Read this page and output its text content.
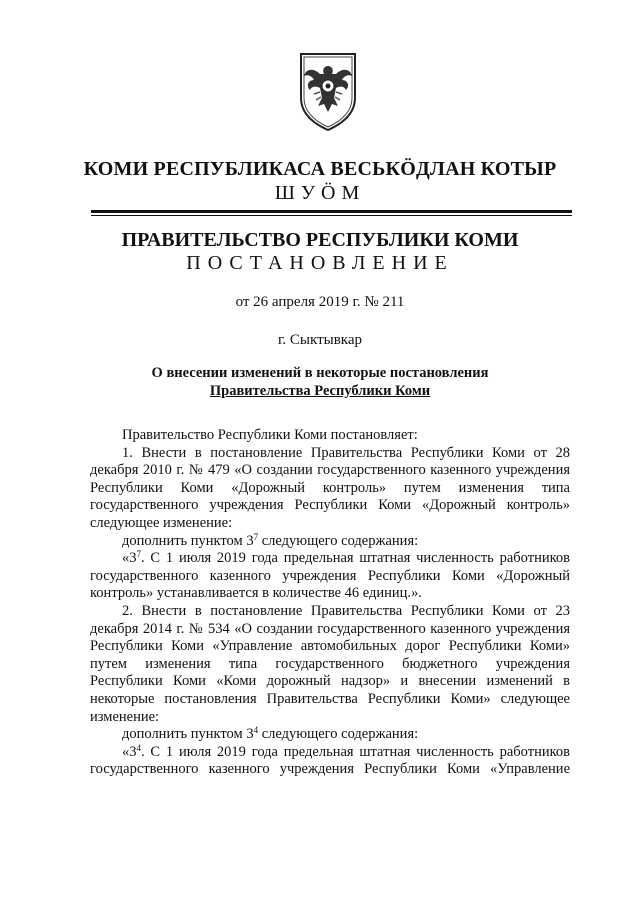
КОМИ РЕСПУБЛИКАСА ВЕСЬКӦДЛАН КОТЫР
ШУӦМ
ПРАВИТЕЛЬСТВО РЕСПУБЛИКИ КОМИ
ПОСТАНОВЛЕНИЕ
от 26 апреля 2019 г. № 211
г. Сыктывкар
О внесении изменений в некоторые постановления
Правительства Республики Коми

Правительство Республики Коми постановляет:

1. Внести в постановление Правительства Республики Коми от 28

декабря 2010 г. № 479 «О создании государственного казенного учреждения

Республики Коми «Дорожный контроль» путем изменения типа

государственного учреждения Республики Коми «Дорожный контроль»

следующее изменение:

дополнить пунктом $3^7$ следующего содержания:

«$3^7$. С 1 июля 2019 года предельная штатная численность работников

государственного казенного учреждения Республики Коми «Дорожный

контроль» устанавливается в количестве 46 единиц.».

2. Внести в постановление Правительства Республики Коми от 23

декабря 2014 г. № 534 «О создании государственного казенного учреждения

Республики Коми «Управление автомобильных дорог Республики Коми»

путем изменения типа государственного бюджетного учреждения

Республики Коми «Коми дорожный надзор» и внесении изменений в

некоторые постановления Правительства Республики Коми» следующее

изменение:

дополнить пунктом $3^4$ следующего содержания:

«$3^4$. С 1 июля 2019 года предельная штатная численность работников

государственного казенного учреждения Республики Коми «Управление
